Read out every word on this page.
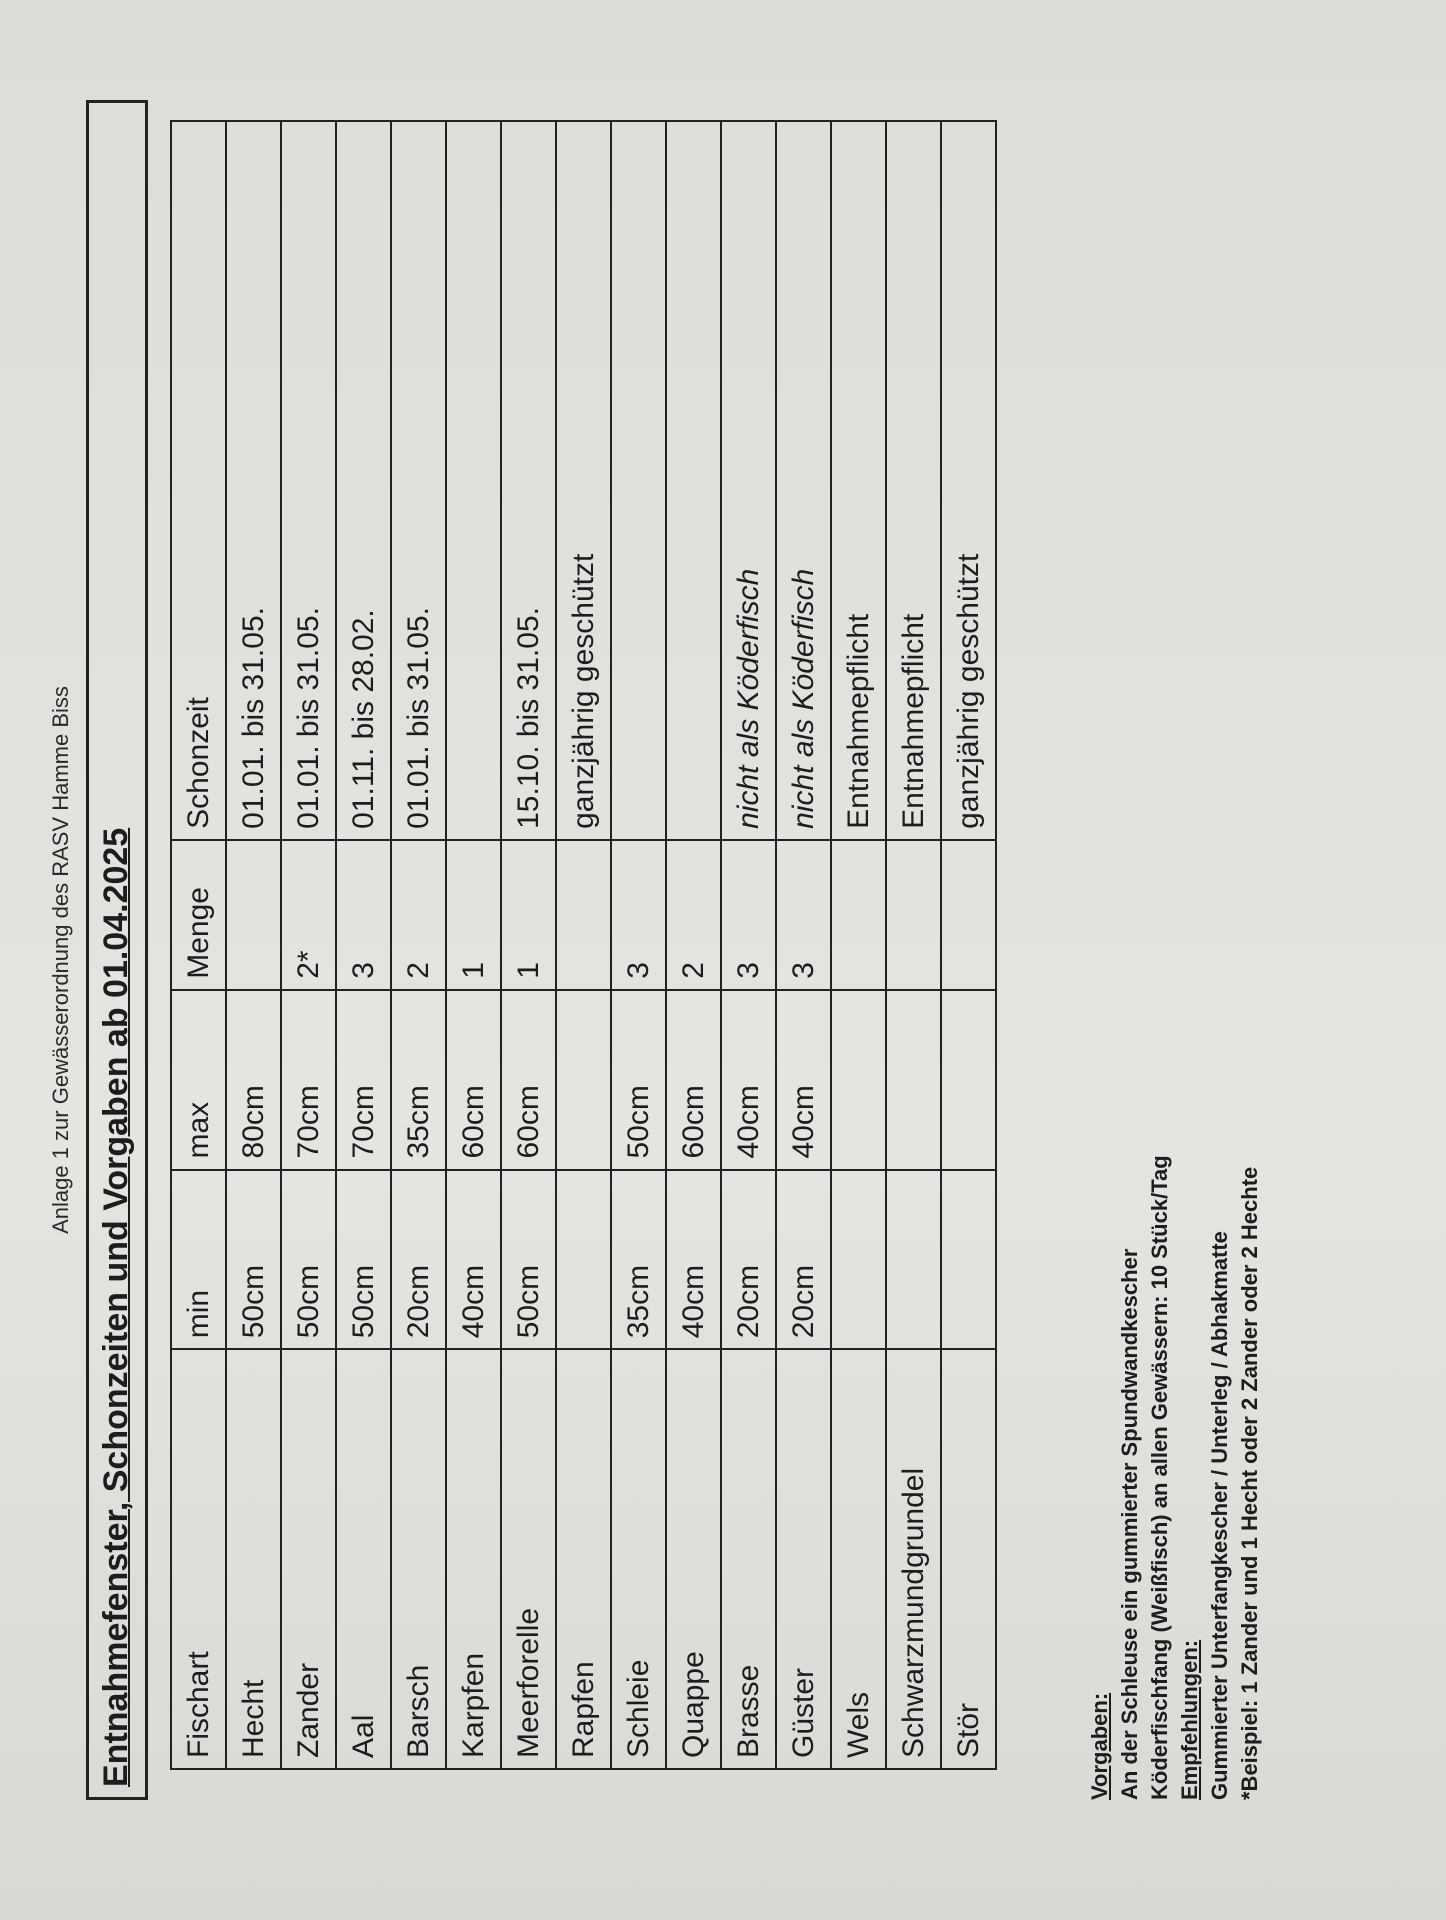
Anlage 1 zur Gewässerordnung des RASV Hamme Biss Entnahmefenster, Schonzeiten und Vorgaben ab 01.04.2025	Fischart	min	max	Menge	Schonzeit
Hecht	50cm	80cm		01.01. bis 31.05.
Zander	50cm	70cm	2*	01.01. bis 31.05.
Aal	50cm	70cm	3	01.11. bis 28.02.
Barsch	20cm	35cm	2	01.01. bis 31.05.
Karpfen	40cm	60cm	1	
Meerforelle	50cm	60cm	1	15.10. bis 31.05.
Rapfen				ganzjährig geschützt
Schleie	35cm	50cm	3	
Quappe	40cm	60cm	2	
Brasse	20cm	40cm	3	nicht als Köderfisch
Güster	20cm	40cm	3	nicht als Köderfisch
Wels				Entnahmepflicht
Schwarzmundgrundel				Entnahmepflicht
Stör				ganzjährig geschützt
Vorgaben: An der Schleuse ein gummierter Spundwandkescher Köderfischfang (Weißfisch) an allen Gewässern: 10 Stück/Tag Empfehlungen: Gummierter Unterfangkescher / Unterleg / Abhakmatte *Beispiel: 1 Zander und 1 Hecht oder 2 Zander oder 2 Hechte
